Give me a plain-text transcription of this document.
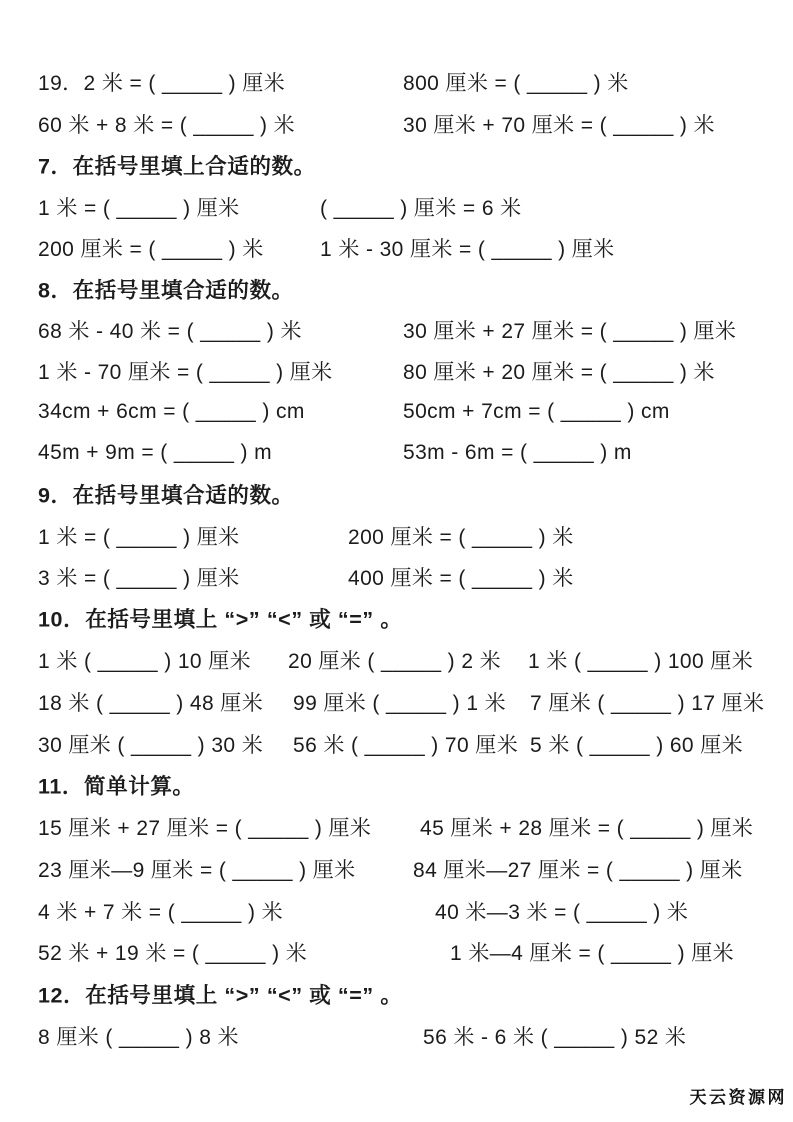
19．2 米 = ( _____ ) 厘米	800 厘米 = ( _____ ) 米
60 米 + 8 米 = ( _____ ) 米	30 厘米 + 70 厘米 = ( _____ ) 米
7．在括号里填上合适的数。
1 米 = ( _____ ) 厘米	( _____ ) 厘米 = 6 米
200 厘米 = ( _____ ) 米	1 米 - 30 厘米 = ( _____ ) 厘米
8．在括号里填合适的数。
68 米 - 40 米 = ( _____ ) 米	30 厘米 + 27 厘米 = ( _____ ) 厘米
1 米 - 70 厘米 = ( _____ ) 厘米	80 厘米 + 20 厘米 = ( _____ ) 米
34cm + 6cm = ( _____ ) cm	50cm + 7cm = ( _____ ) cm
45m + 9m = ( _____ ) m	53m - 6m = ( _____ ) m
9．在括号里填合适的数。
1 米 = ( _____ ) 厘米	200 厘米 = ( _____ ) 米
3 米 = ( _____ ) 厘米	400 厘米 = ( _____ ) 米
10．在括号里填上 “>” “<” 或 “=” 。
1 米 ( _____ ) 10 厘米 20 厘米 ( _____ ) 2 米 1 米 ( _____ ) 100 厘米
18 米 ( _____ ) 48 厘米 99 厘米 ( _____ ) 1 米 7 厘米 ( _____ ) 17 厘米
30 厘米 ( _____ ) 30 米 56 米 ( _____ ) 70 厘米 5 米 ( _____ ) 60 厘米
11．简单计算。
15 厘米 + 27 厘米 = ( _____ ) 厘米 45 厘米 + 28 厘米 = ( _____ ) 厘米
23 厘米—9 厘米 = ( _____ ) 厘米	84 厘米—27 厘米 = ( _____ ) 厘米
4 米 + 7 米 = ( _____ ) 米	40 米—3 米 = ( _____ ) 米
52 米 + 19 米 = ( _____ ) 米	1 米—4 厘米 = ( _____ ) 厘米
12．在括号里填上 “>” “<” 或 “=” 。
8 厘米 ( _____ ) 8 米	56 米 - 6 米 ( _____ ) 52 米
天云资源网
